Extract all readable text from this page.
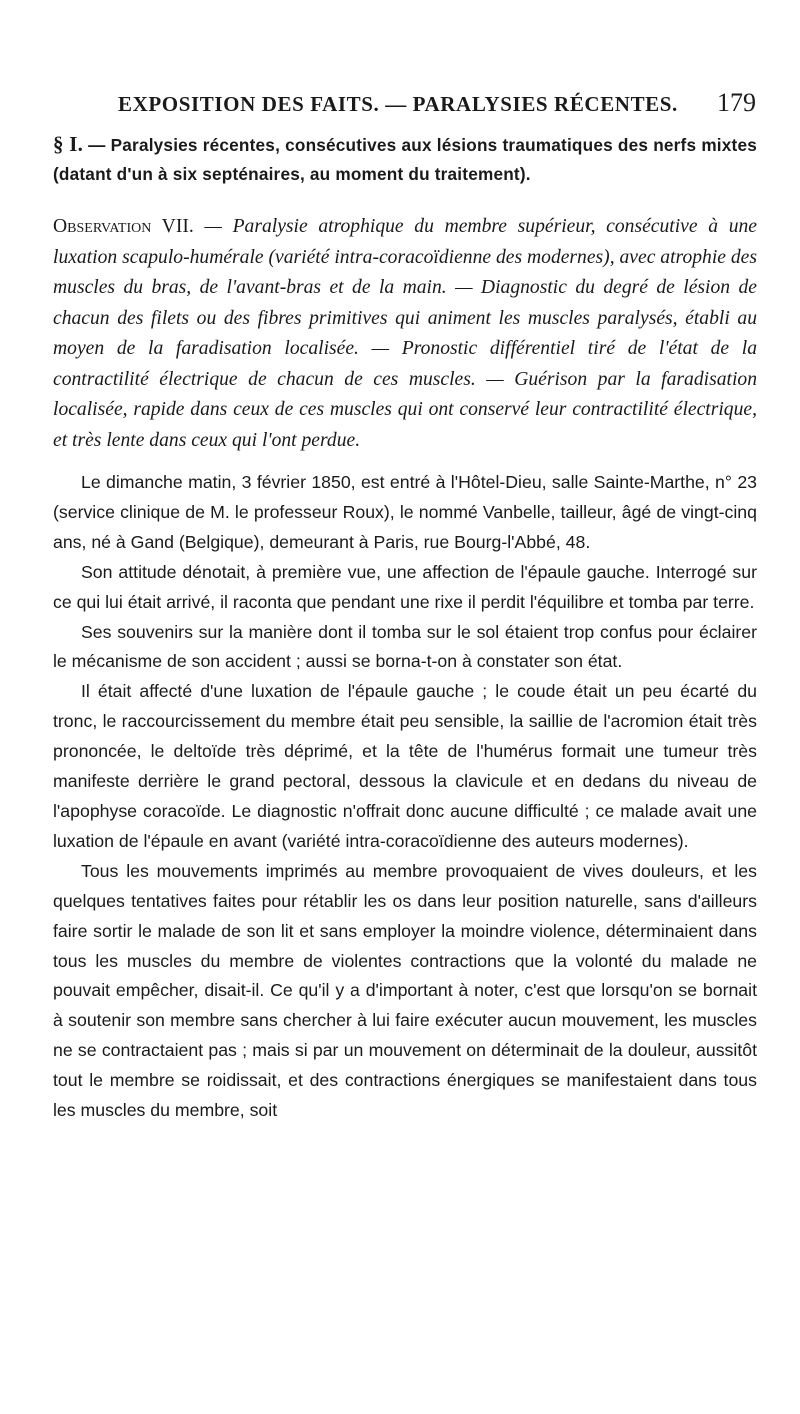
EXPOSITION DES FAITS. — PARALYSIES RÉCENTES. 179

§ I. — Paralysies récentes, consécutives aux lésions traumatiques des nerfs mixtes (datant d'un à six septénaires, au moment du traitement).

Observation VII. — Paralysie atrophique du membre supérieur, consécutive à une luxation scapulo-humérale (variété intra-coracoïdienne des modernes), avec atrophie des muscles du bras, de l'avant-bras et de la main. — Diagnostic du degré de lésion de chacun des filets ou des fibres primitives qui animent les muscles paralysés, établi au moyen de la faradisation localisée. — Pronostic différentiel tiré de l'état de la contractilité électrique de chacun de ces muscles. — Guérison par la faradisation localisée, rapide dans ceux de ces muscles qui ont conservé leur contractilité électrique, et très lente dans ceux qui l'ont perdue.

Le dimanche matin, 3 février 1850, est entré à l'Hôtel-Dieu, salle Sainte-Marthe, n° 23 (service clinique de M. le professeur Roux), le nommé Vanbelle, tailleur, âgé de vingt-cinq ans, né à Gand (Belgique), demeurant à Paris, rue Bourg-l'Abbé, 48.

Son attitude dénotait, à première vue, une affection de l'épaule gauche. Interrogé sur ce qui lui était arrivé, il raconta que pendant une rixe il perdit l'équilibre et tomba par terre.

Ses souvenirs sur la manière dont il tomba sur le sol étaient trop confus pour éclairer le mécanisme de son accident ; aussi se borna-t-on à constater son état.

Il était affecté d'une luxation de l'épaule gauche ; le coude était un peu écarté du tronc, le raccourcissement du membre était peu sensible, la saillie de l'acromion était très prononcée, le deltoïde très déprimé, et la tête de l'humérus formait une tumeur très manifeste derrière le grand pectoral, dessous la clavicule et en dedans du niveau de l'apophyse coracoïde. Le diagnostic n'offrait donc aucune difficulté ; ce malade avait une luxation de l'épaule en avant (variété intra-coracoïdienne des auteurs modernes).

Tous les mouvements imprimés au membre provoquaient de vives douleurs, et les quelques tentatives faites pour rétablir les os dans leur position naturelle, sans d'ailleurs faire sortir le malade de son lit et sans employer la moindre violence, déterminaient dans tous les muscles du membre de violentes contractions que la volonté du malade ne pouvait empêcher, disait-il. Ce qu'il y a d'important à noter, c'est que lorsqu'on se bornait à soutenir son membre sans chercher à lui faire exécuter aucun mouvement, les muscles ne se contractaient pas ; mais si par un mouvement on déterminait de la douleur, aussitôt tout le membre se roidissait, et des contractions énergiques se manifestaient dans tous les muscles du membre, soit
